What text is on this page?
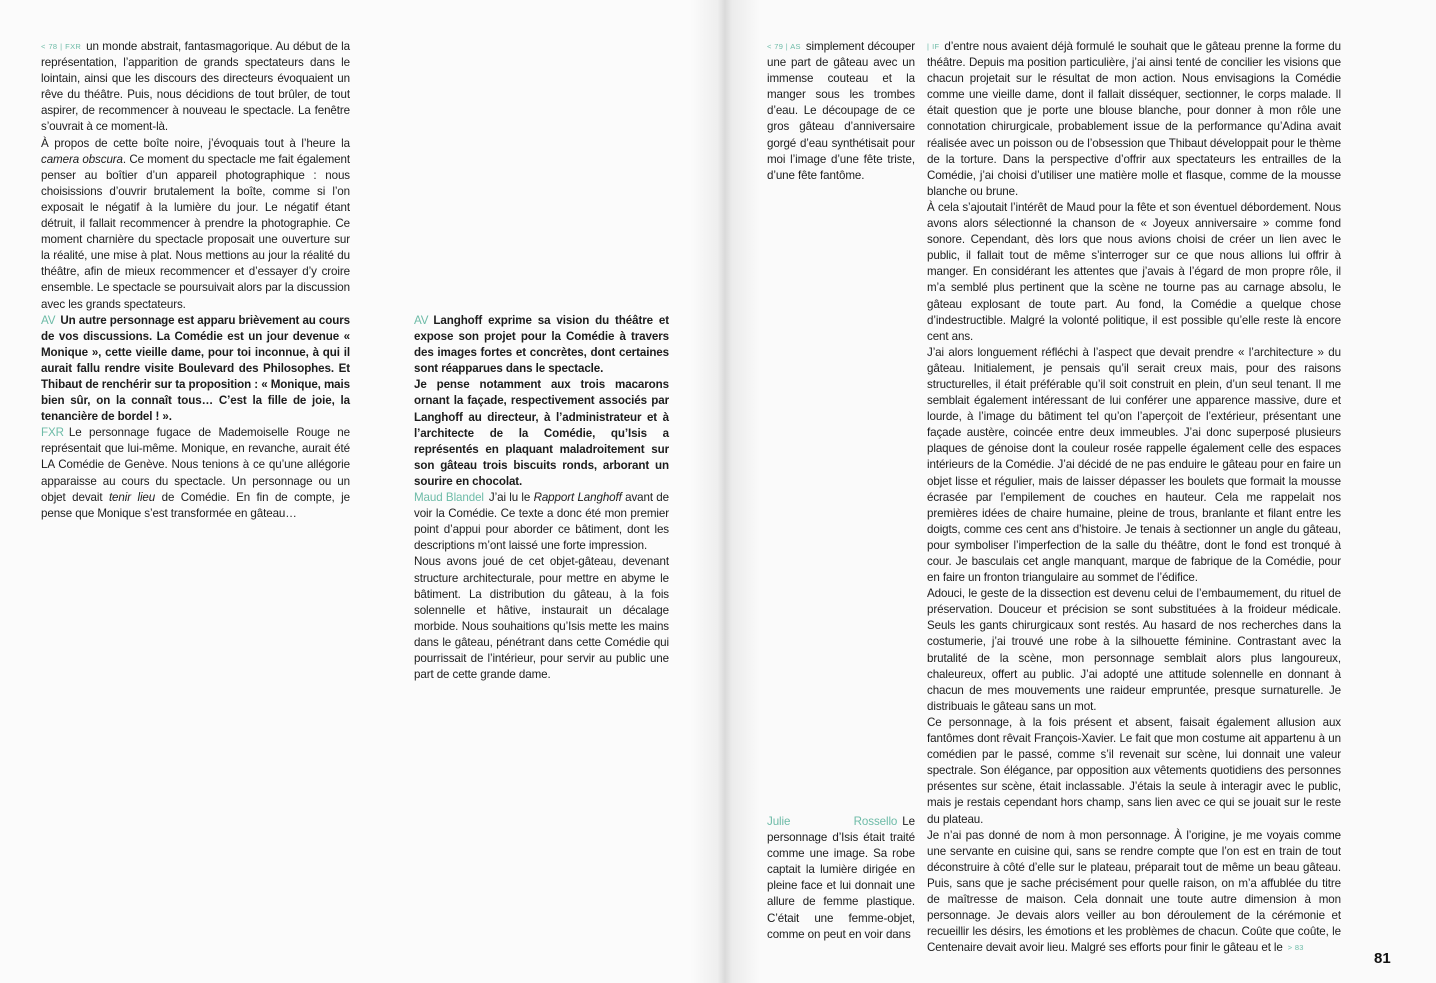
< 78 | FXR un monde abstrait, fantasmagorique. Au début de la représentation, l’apparition de grands spectateurs dans le lointain, ainsi que les discours des directeurs évoquaient un rêve du théâtre. Puis, nous décidions de tout brûler, de tout aspirer, de recommencer à nouveau le spectacle. La fenêtre s’ouvrait à ce moment-là.

À propos de cette boîte noire, j’évoquais tout à l’heure la camera obscura. Ce moment du spectacle me fait également penser au boîtier d’un appareil photographique : nous choisissions d’ouvrir brutalement la boîte, comme si l’on exposait le négatif à la lumière du jour. Le négatif étant détruit, il fallait recommencer à prendre la photographie. Ce moment charnière du spectacle proposait une ouverture sur la réalité, une mise à plat. Nous mettions au jour la réalité du théâtre, afin de mieux recommencer et d’essayer d’y croire ensemble. Le spectacle se poursuivait alors par la discussion avec les grands spectateurs.

AV Un autre personnage est apparu brièvement au cours de vos discussions. La Comédie est un jour devenue « Monique », cette vieille dame, pour toi inconnue, à qui il aurait fallu rendre visite Boulevard des Philosophes. Et Thibaut de renchérir sur ta proposition : « Monique, mais bien sûr, on la connaît tous… C’est la fille de joie, la tenancière de bordel ! ».

FXR Le personnage fugace de Mademoiselle Rouge ne représentait que lui-même. Monique, en revanche, aurait été LA Comédie de Genève. Nous tenions à ce qu’une allégorie apparaisse au cours du spectacle. Un personnage ou un objet devait tenir lieu de Comédie. En fin de compte, je pense que Monique s’est transformée en gâteau…

AV Langhoff exprime sa vision du théâtre et expose son projet pour la Comédie à travers des images fortes et concrètes, dont certaines sont réapparues dans le spectacle.

Je pense notamment aux trois macarons ornant la façade, respectivement associés par Langhoff au directeur, à l’administrateur et à l’architecte de la Comédie, qu’Isis a représentés en plaquant maladroitement sur son gâteau trois biscuits ronds, arborant un sourire en chocolat.

Maud Blandel J’ai lu le Rapport Langhoff avant de voir la Comédie. Ce texte a donc été mon premier point d’appui pour aborder ce bâtiment, dont les descriptions m’ont laissé une forte impression.

Nous avons joué de cet objet-gâteau, devenant structure architecturale, pour mettre en abyme le bâtiment. La distribution du gâteau, à la fois solennelle et hâtive, instaurait un décalage morbide. Nous souhaitions qu’Isis mette les mains dans le gâteau, pénétrant dans cette Comédie qui pourrissait de l’intérieur, pour servir au public une part de cette grande dame.

< 79 | AS simplement découper une part de gâteau avec un immense couteau et la manger sous les trombes d’eau. Le découpage de ce gros gâteau d’anniversaire gorgé d’eau synthétisait pour moi l’image d’une fête triste, d’une fête fantôme.

Julie Rossello Le personnage d’Isis était traité comme une image. Sa robe captait la lumière dirigée en pleine face et lui donnait une allure de femme plastique. C’était une femme-objet, comme on peut en voir dans

| IF d’entre nous avaient déjà formulé le souhait que le gâteau prenne la forme du théâtre. Depuis ma position particulière, j’ai ainsi tenté de concilier les visions que chacun projetait sur le résultat de mon action. Nous envisagions la Comédie comme une vieille dame, dont il fallait disséquer, sectionner, le corps malade. Il était question que je porte une blouse blanche, pour donner à mon rôle une connotation chirurgicale, probablement issue de la performance qu’Adina avait réalisée avec un poisson ou de l’obsession que Thibaut développait pour le thème de la torture. Dans la perspective d’offrir aux spectateurs les entrailles de la Comédie, j’ai choisi d’utiliser une matière molle et flasque, comme de la mousse blanche ou brune.

À cela s’ajoutait l’intérêt de Maud pour la fête et son éventuel débordement. Nous avons alors sélectionné la chanson de « Joyeux anniversaire » comme fond sonore. Cependant, dès lors que nous avions choisi de créer un lien avec le public, il fallait tout de même s’interroger sur ce que nous allions lui offrir à manger. En considérant les attentes que j’avais à l’égard de mon propre rôle, il m’a semblé plus pertinent que la scène ne tourne pas au carnage absolu, le gâteau explosant de toute part. Au fond, la Comédie a quelque chose d’indestructible. Malgré la volonté politique, il est possible qu’elle reste là encore cent ans.

J’ai alors longuement réfléchi à l’aspect que devait prendre « l’architecture » du gâteau. Initialement, je pensais qu’il serait creux mais, pour des raisons structurelles, il était préférable qu’il soit construit en plein, d’un seul tenant. Il me semblait également intéressant de lui conférer une apparence massive, dure et lourde, à l’image du bâtiment tel qu’on l’aperçoit de l’extérieur, présentant une façade austère, coincée entre deux immeubles. J’ai donc superposé plusieurs plaques de génoise dont la couleur rosée rappelle également celle des espaces intérieurs de la Comédie. J’ai décidé de ne pas enduire le gâteau pour en faire un objet lisse et régulier, mais de laisser dépasser les boulets que formait la mousse écrasée par l’empilement de couches en hauteur. Cela me rappelait nos premières idées de chaire humaine, pleine de trous, branlante et filant entre les doigts, comme ces cent ans d’histoire. Je tenais à sectionner un angle du gâteau, pour symboliser l’imperfection de la salle du théâtre, dont le fond est tronqué à cour. Je basculais cet angle manquant, marque de fabrique de la Comédie, pour en faire un fronton triangulaire au sommet de l’édifice.

Adouci, le geste de la dissection est devenu celui de l’embaumement, du rituel de préservation. Douceur et précision se sont substituées à la froideur médicale. Seuls les gants chirurgicaux sont restés. Au hasard de nos recherches dans la costumerie, j’ai trouvé une robe à la silhouette féminine. Contrastant avec la brutalité de la scène, mon personnage semblait alors plus langoureux, chaleureux, offert au public. J’ai adopté une attitude solennelle en donnant à chacun de mes mouvements une raideur empruntée, presque surnaturelle. Je distribuais le gâteau sans un mot.

Ce personnage, à la fois présent et absent, faisait également allusion aux fantômes dont rêvait François-Xavier. Le fait que mon costume ait appartenu à un comédien par le passé, comme s’il revenait sur scène, lui donnait une valeur spectrale. Son élégance, par opposition aux vêtements quotidiens des personnes présentes sur scène, était inclassable. J’étais la seule à interagir avec le public, mais je restais cependant hors champ, sans lien avec ce qui se jouait sur le reste du plateau.

Je n’ai pas donné de nom à mon personnage. À l’origine, je me voyais comme une servante en cuisine qui, sans se rendre compte que l’on est en train de tout déconstruire à côté d’elle sur le plateau, préparait tout de même un beau gâteau. Puis, sans que je sache précisément pour quelle raison, on m’a affublée du titre de maîtresse de maison. Cela donnait une toute autre dimension à mon personnage. Je devais alors veiller au bon déroulement de la cérémonie et recueillir les désirs, les émotions et les problèmes de chacun. Coûte que coûte, le Centenaire devait avoir lieu. Malgré ses efforts pour finir le gâteau et le > 83

81
